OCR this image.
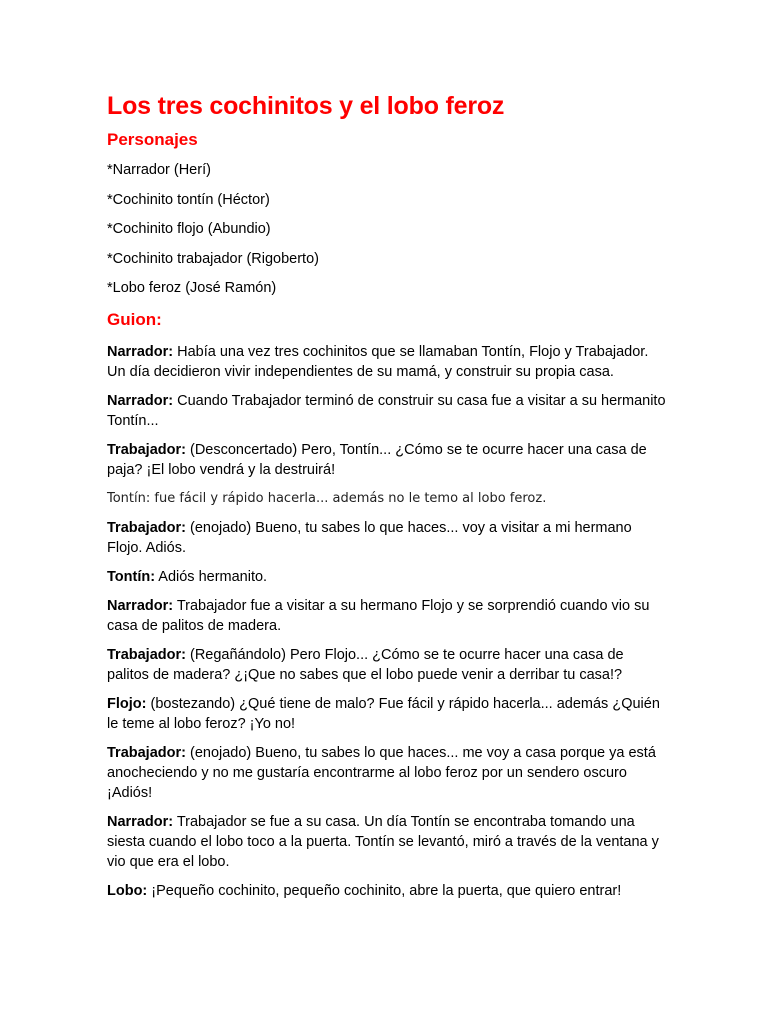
Los tres cochinitos y el lobo feroz
Personajes
*Narrador (Herí)
*Cochinito tontín (Héctor)
*Cochinito flojo (Abundio)
*Cochinito trabajador (Rigoberto)
*Lobo feroz (José Ramón)
Guion:

Narrador: Había una vez tres cochinitos que se llamaban Tontín, Flojo y Trabajador. Un día decidieron vivir independientes de su mamá, y construir su propia casa.

Narrador: Cuando Trabajador terminó de construir su casa fue a visitar a su hermanito Tontín...

Trabajador: (Desconcertado) Pero, Tontín... ¿Cómo se te ocurre hacer una casa de paja? ¡El lobo vendrá y la destruirá!

Tontín: fue fácil y rápido hacerla... además no le temo al lobo feroz.

Trabajador: (enojado) Bueno, tu sabes lo que haces... voy a visitar a mi hermano Flojo. Adiós.

Tontín: Adiós hermanito.

Narrador: Trabajador fue a visitar a su hermano Flojo y se sorprendió cuando vio su casa de palitos de madera.

Trabajador: (Regañándolo) Pero Flojo... ¿Cómo se te ocurre hacer una casa de palitos de madera? ¿¡Que no sabes que el lobo puede venir a derribar tu casa!?

Flojo: (bostezando) ¿Qué tiene de malo? Fue fácil y rápido hacerla... además ¿Quién le teme al lobo feroz? ¡Yo no!

Trabajador: (enojado) Bueno, tu sabes lo que haces... me voy a casa porque ya está anocheciendo y no me gustaría encontrarme al lobo feroz por un sendero oscuro ¡Adiós!

Narrador: Trabajador se fue a su casa. Un día Tontín se encontraba tomando una siesta cuando el lobo toco a la puerta. Tontín se levantó, miró a través de la ventana y vio que era el lobo.

Lobo: ¡Pequeño cochinito, pequeño cochinito, abre la puerta, que quiero entrar!
